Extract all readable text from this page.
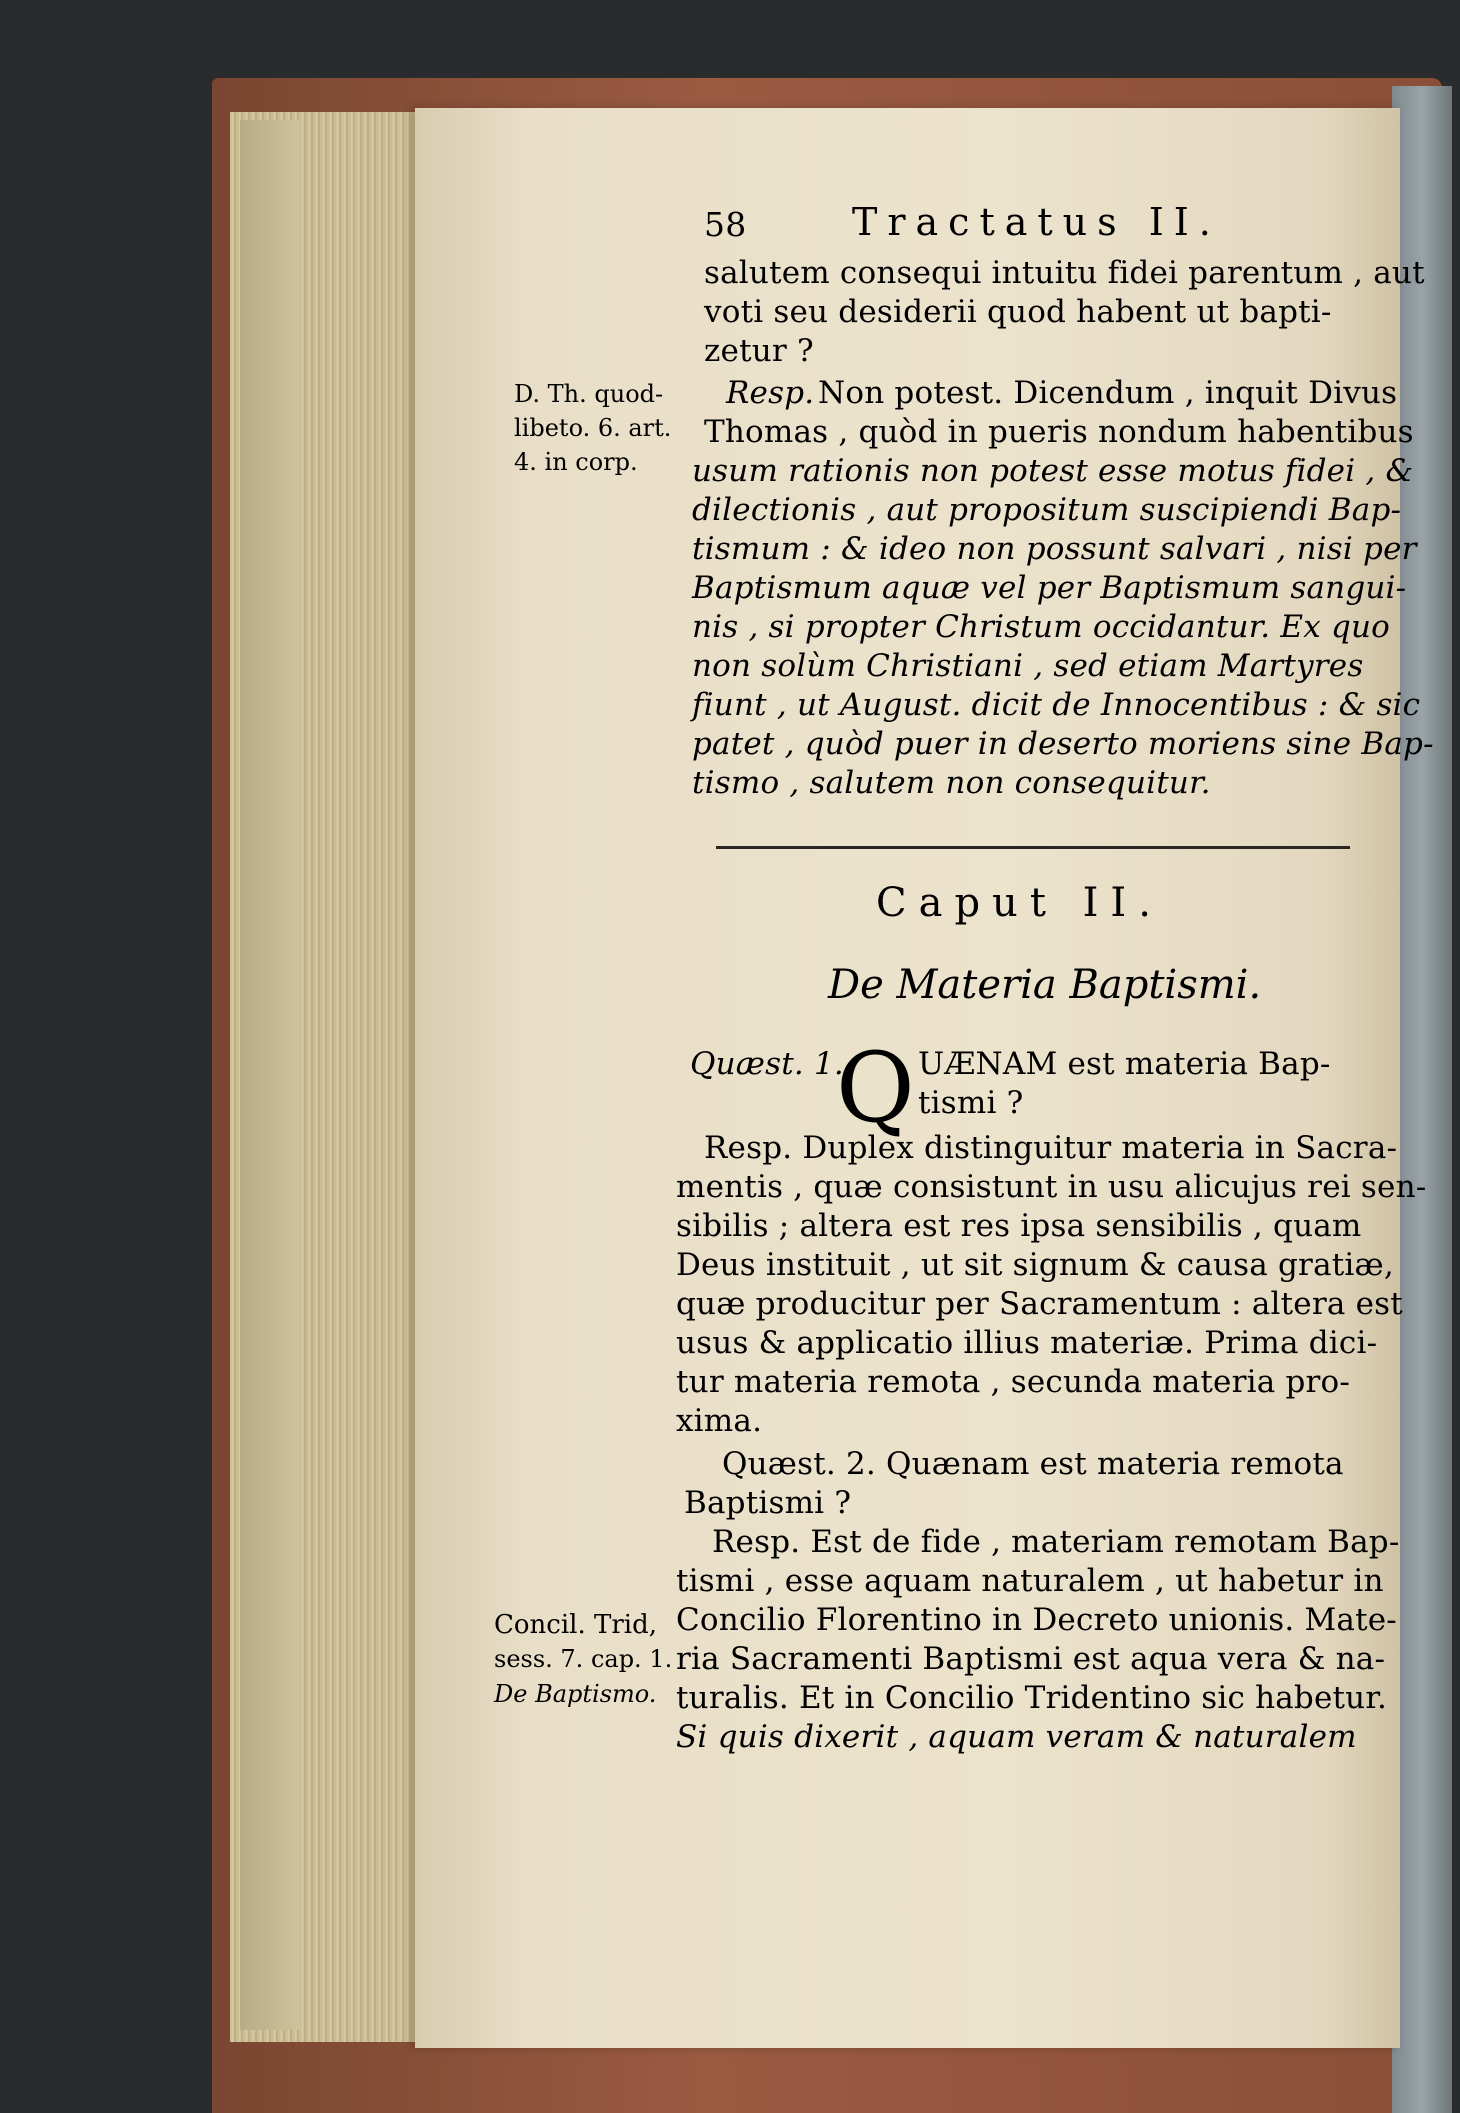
58	Tractatus II.
salutem consequi intuitu fidei parentum , aut
voti seu desiderii quod habent ut bapti-
zetur ?
D. Th. quod-
libeto. 6. art.
4. in corp.
Resp. Non potest. Dicendum , inquit Divus
Thomas , quòd in pueris nondum habentibus
usum rationis non potest esse motus fidei , &
dilectionis , aut propositum suscipiendi Bap-
tismum : & ideo non possunt salvari , nisi per
Baptismum aquæ vel per Baptismum sangui-
nis , si propter Christum occidantur. Ex quo
non solùm Christiani , sed etiam Martyres
fiunt , ut August. dicit de Innocentibus : & sic
patet , quòd puer in deserto moriens sine Bap-
tismo , salutem non consequitur.
Caput II.
De Materia Baptismi.
Quæst. 1.
Q UÆNAM est materia Bap-
tismi ?
Resp. Duplex distinguitur materia in Sacra-
mentis , quæ consistunt in usu alicujus rei sen-
sibilis ; altera est res ipsa sensibilis , quam
Deus instituit , ut sit signum & causa gratiæ,
quæ producitur per Sacramentum : altera est
usus & applicatio illius materiæ. Prima dici-
tur materia remota , secunda materia pro-
xima.
Quæst. 2. Quænam est materia remota
Baptismi ?
Resp. Est de fide , materiam remotam Bap-
tismi , esse aquam naturalem , ut habetur in
Concilio Florentino in Decreto unionis. Mate-
ria Sacramenti Baptismi est aqua vera & na-
turalis. Et in Concilio Tridentino sic habetur.
Si quis dixerit , aquam veram & naturalem
Concil. Trid,
sess. 7. cap. 1.
De Baptismo.
